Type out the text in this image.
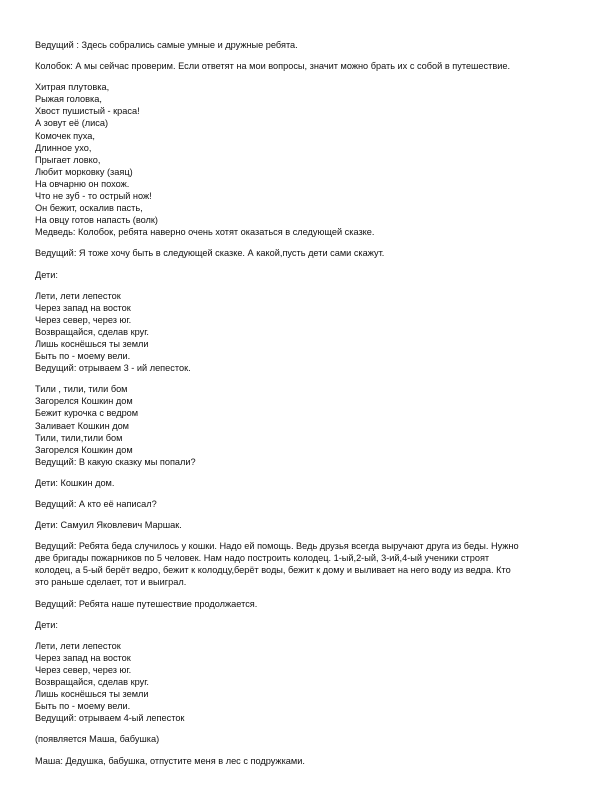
Ведущий : Здесь собрались самые умные и дружные ребята.
Колобок: А мы сейчас проверим. Если ответят на мои вопросы, значит можно брать их с собой в путешествие.
Хитрая плутовка,
Рыжая головка,
Хвост пушистый - краса!
А зовут её (лиса)
Комочек пуха,
Длинное ухо,
Прыгает ловко,
Любит морковку (заяц)
На овчарню он похож.
Что не зуб - то острый нож!
Он бежит, оскалив пасть,
На овцу готов напасть (волк)
Медведь: Колобок, ребята наверно очень хотят оказаться в следующей сказке.
Ведущий: Я тоже хочу быть в следующей сказке. А какой,пусть дети сами скажут.
Дети:
Лети, лети лепесток
Через запад на восток
Через север, через юг.
Возвращайся, сделав круг.
Лишь коснёшься ты земли
Быть по - моему вели.
Ведущий: отрываем 3 - ий лепесток.
Тили , тили, тили бом
Загорелся Кошкин дом
Бежит курочка с ведром
Заливает Кошкин дом
Тили, тили,тили бом
Загорелся Кошкин дом
Ведущий: В какую сказку мы попали?
Дети: Кошкин дом.
Ведущий: А кто её написал?
Дети: Самуил Яковлевич Маршак.
Ведущий: Ребята беда случилось у кошки. Надо ей помощь. Ведь друзья всегда выручают друга из беды. Нужно
две бригады пожарников по 5 человек. Нам надо построить колодец. 1-ый,2-ый, 3-ий,4-ый ученики строят
колодец, а 5-ый берёт ведро, бежит к колодцу,берёт воды, бежит к дому и выливает на него воду из ведра. Кто
это раньше сделает, тот и выиграл.
Ведущий: Ребята наше путешествие продолжается.
Дети:
Лети, лети лепесток
Через запад на восток
Через север, через юг.
Возвращайся, сделав круг.
Лишь коснёшься ты земли
Быть по - моему вели.
Ведущий: отрываем 4-ый лепесток
(появляется Маша, бабушка)
Маша: Дедушка, бабушка, отпустите меня в лес с подружками.
